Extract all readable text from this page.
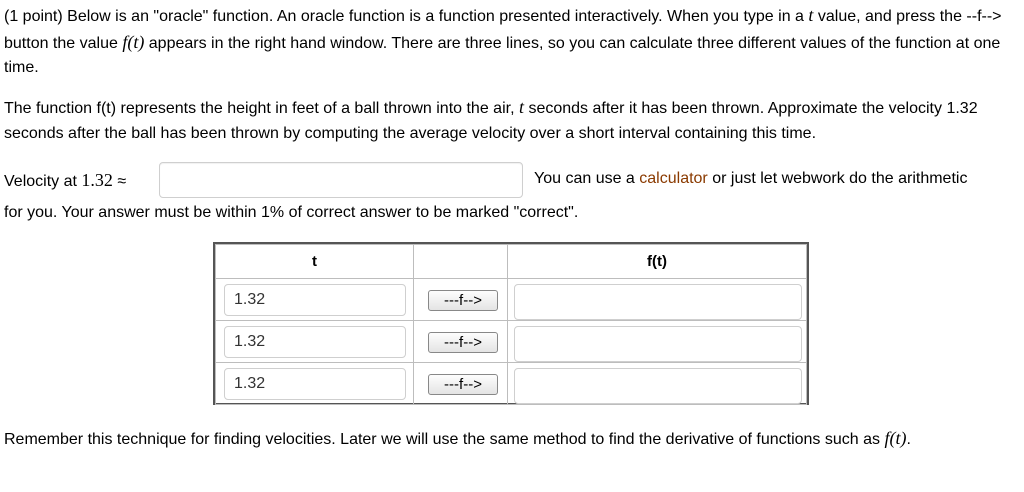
(1 point) Below is an "oracle" function. An oracle function is a function presented interactively. When you type in a t value, and press the --f--> button the value f(t) appears in the right hand window. There are three lines, so you can calculate three different values of the function at one time.

The function f(t) represents the height in feet of a ball thrown into the air, t seconds after it has been thrown. Approximate the velocity 1.32 seconds after the ball has been thrown by computing the average velocity over a short interval containing this time.

Velocity at 1.32 ≈	You can use a calculator or just let webwork do the arithmetic
for you. Your answer must be within 1% of correct answer to be marked "correct".
t		f(t)

1.32	---f-->	

1.32	---f-->	

1.32	---f-->	

Remember this technique for finding velocities. Later we will use the same method to find the derivative of functions such as f(t).
